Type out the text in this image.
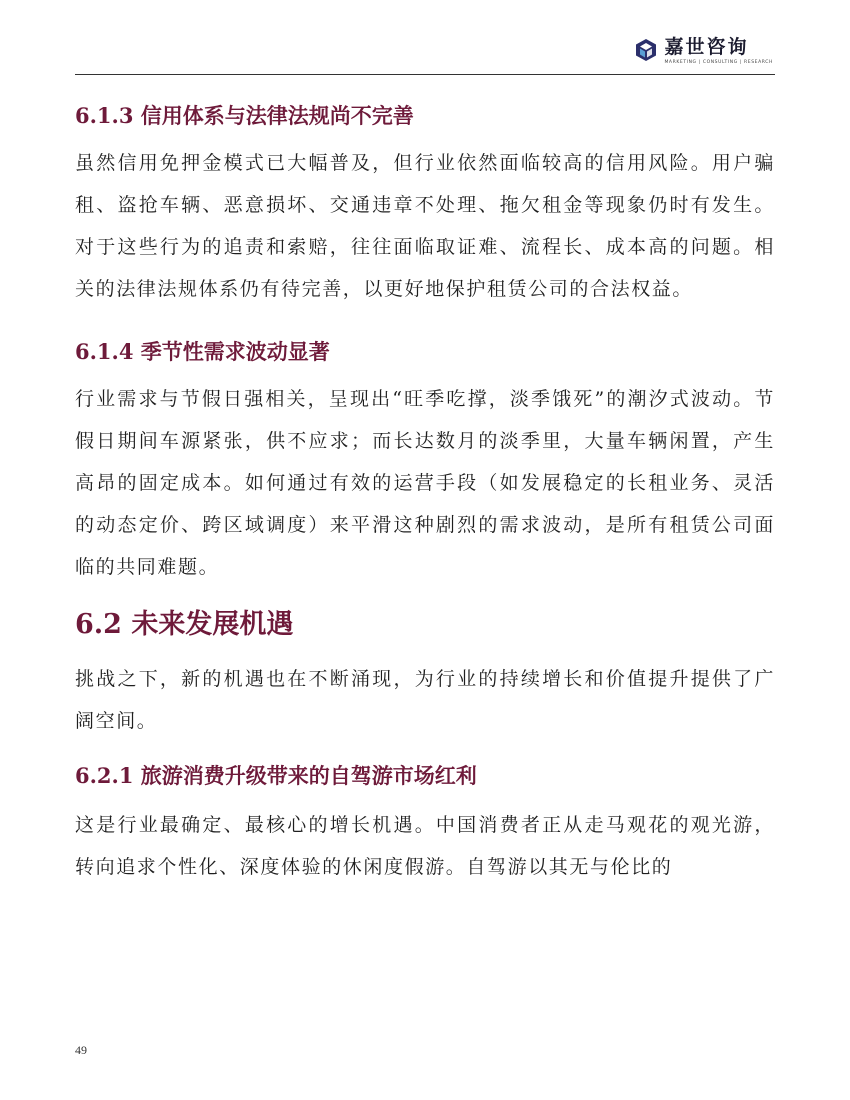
嘉世咨询
MARKETING | CONSULTING | RESEARCH
6.1.3 信用体系与法律法规尚不完善

虽然信用免押金模式已大幅普及，但行业依然面临较高的信用风险。用户骗租、盗抢车辆、恶意损坏、交通违章不处理、拖欠租金等现象仍时有发生。对于这些行为的追责和索赔，往往面临取证难、流程长、成本高的问题。相关的法律法规体系仍有待完善，以更好地保护租赁公司的合法权益。

6.1.4 季节性需求波动显著

行业需求与节假日强相关，呈现出“旺季吃撑，淡季饿死”的潮汐式波动。节假日期间车源紧张，供不应求；而长达数月的淡季里，大量车辆闲置，产生高昂的固定成本。如何通过有效的运营手段（如发展稳定的长租业务、灵活的动态定价、跨区域调度）来平滑这种剧烈的需求波动，是所有租赁公司面临的共同难题。

6.2 未来发展机遇

挑战之下，新的机遇也在不断涌现，为行业的持续增长和价值提升提供了广阔空间。

6.2.1 旅游消费升级带来的自驾游市场红利

这是行业最确定、最核心的增长机遇。中国消费者正从走马观花的观光游，转向追求个性化、深度体验的休闲度假游。自驾游以其无与伦比的

49
